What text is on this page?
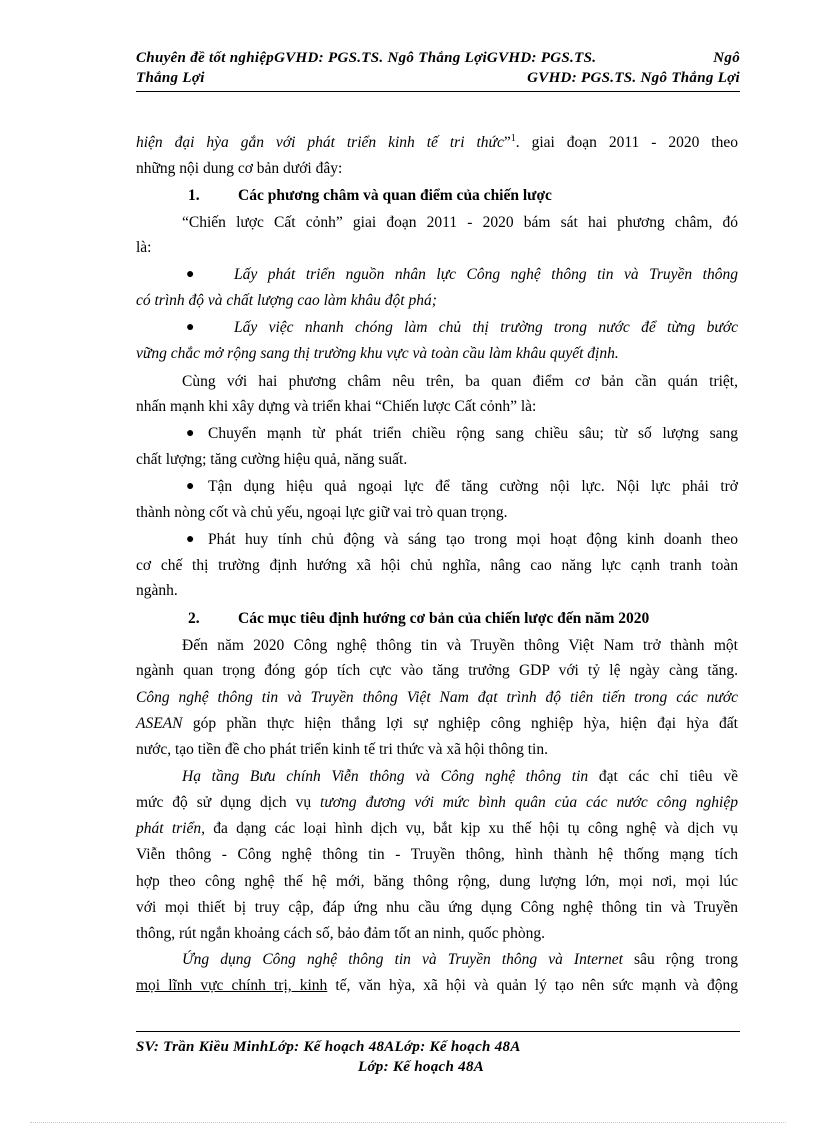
Chuyên đề tốt nghiệpGVHD: PGS.TS. Ngô Thắng LợiGVHD: PGS.TS.	Ngô
Thắng Lợi	GVHD: PGS.TS. Ngô Thắng Lợi
hiện đại hỳa gắn với phát triển kinh tế tri thức”$^1$. giai đoạn 2011 - 2020 theo
những nội dung cơ bản dưới đây:
1. Các phương châm và quan điểm của chiến lược
“Chiến lược Cất cỏnh” giai đoạn 2011 - 2020 bám sát hai phương châm, đó
là:
●	Lấy phát triển nguồn nhân lực Công nghệ thông tin và Truyền thông
có trình độ và chất lượng cao làm khâu đột phá;
●	Lấy việc nhanh chóng làm chủ thị trường trong nước để từng bước
vững chắc mở rộng sang thị trường khu vực và toàn cầu làm khâu quyết định.
Cùng với hai phương châm nêu trên, ba quan điểm cơ bản cần quán triệt,
nhấn mạnh khi xây dựng và triển khai “Chiến lược Cất cỏnh” là:
● Chuyển mạnh từ phát triển chiều rộng sang chiều sâu; từ số lượng sang
chất lượng; tăng cường hiệu quả, năng suất.
● Tận dụng hiệu quả ngoại lực để tăng cường nội lực. Nội lực phải trở
thành nòng cốt và chủ yếu, ngoại lực giữ vai trò quan trọng.
● Phát huy tính chủ động và sáng tạo trong mọi hoạt động kinh doanh theo
cơ chế thị trường định hướng xã hội chủ nghĩa, nâng cao năng lực cạnh tranh toàn
ngành.
2. Các mục tiêu định hướng cơ bản của chiến lược đến năm 2020
Đến năm 2020 Công nghệ thông tin và Truyền thông Việt Nam trở thành một
ngành quan trọng đóng góp tích cực vào tăng trưởng GDP với tỷ lệ ngày càng tăng.
Công nghệ thông tin và Truyền thông Việt Nam đạt trình độ tiên tiến trong các nước
ASEAN góp phần thực hiện thắng lợi sự nghiệp công nghiệp hỳa, hiện đại hỳa đất
nước, tạo tiền đề cho phát triển kinh tế tri thức và xã hội thông tin.
Hạ tầng Bưu chính Viễn thông và Công nghệ thông tin đạt các chỉ tiêu về
mức độ sử dụng dịch vụ tương đương với mức bình quân của các nước công nghiệp
phát triển, đa dạng các loại hình dịch vụ, bắt kịp xu thế hội tụ công nghệ và dịch vụ
Viễn thông - Công nghệ thông tin - Truyền thông, hình thành hệ thống mạng tích
hợp theo công nghệ thế hệ mới, băng thông rộng, dung lượng lớn, mọi nơi, mọi lúc
với mọi thiết bị truy cập, đáp ứng nhu cầu ứng dụng Công nghệ thông tin và Truyền
thông, rút ngắn khoảng cách số, bảo đảm tốt an ninh, quốc phòng.
Ứng dụng Công nghệ thông tin và Truyền thông và Internet sâu rộng trong
mọi lĩnh vực chính trị, kinh tế, văn hỳa, xã hội và quản lý tạo nên sức mạnh và động
SV: Trần Kiều MinhLớp: Kế hoạch 48ALớp: Kế hoạch 48A
Lớp: Kế hoạch 48A
